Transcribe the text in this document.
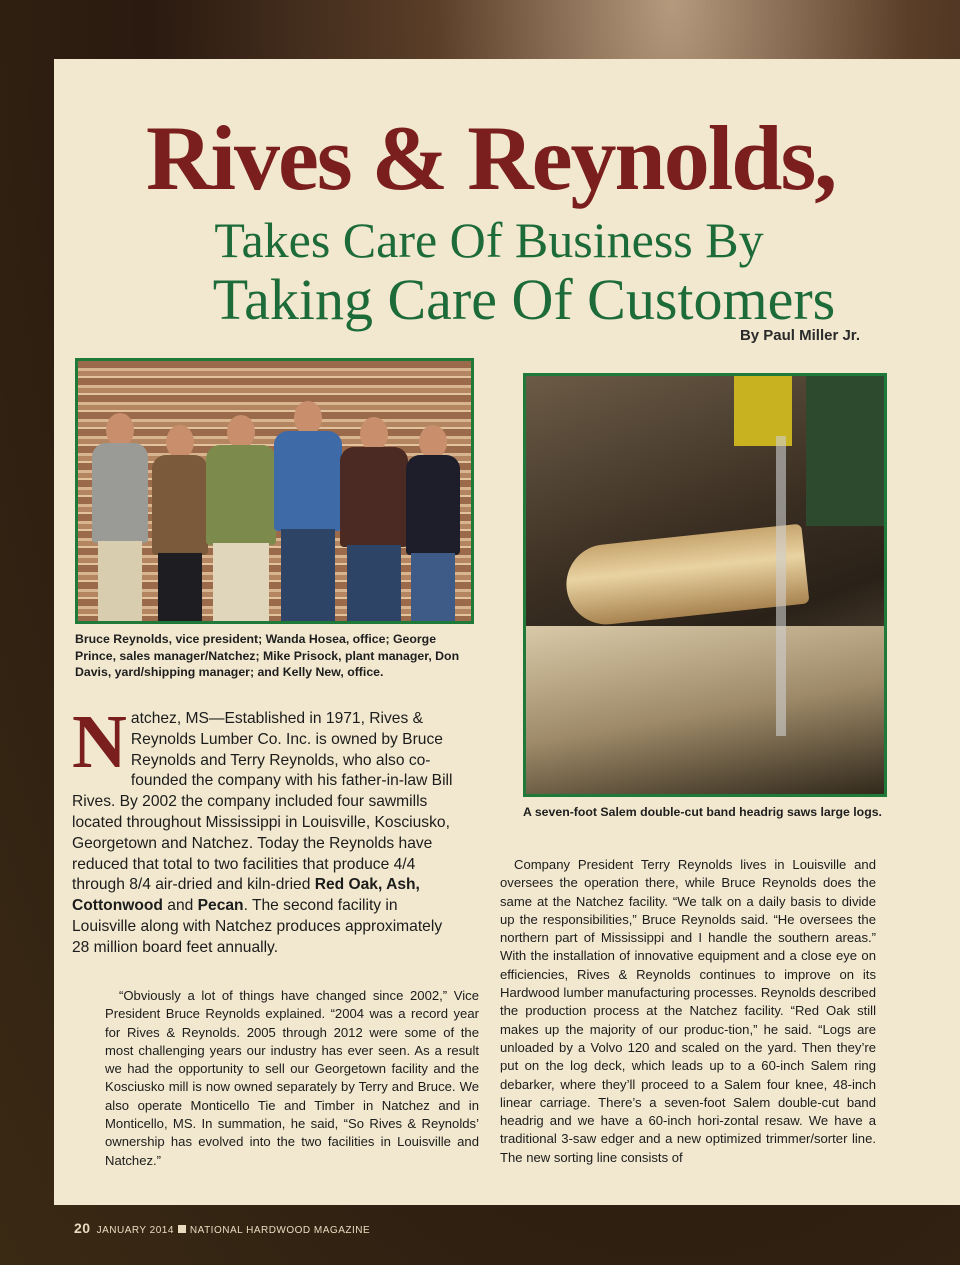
Rives & Reynolds,
Takes Care Of Business By
Taking Care Of Customers
By Paul Miller Jr.
Bruce Reynolds, vice president; Wanda Hosea, office; George Prince, sales manager/Natchez; Mike Prisock, plant manager, Don Davis, yard/shipping manager; and Kelly New, office.
A seven-foot Salem double-cut band headrig saws large logs.
Natchez, MS—Established in 1971, Rives & Reynolds Lumber Co. Inc. is owned by Bruce Reynolds and Terry Reynolds, who also co-founded the company with his father-in-law Bill Rives. By 2002 the company included four sawmills located throughout Mississippi in Louisville, Kosciusko, Georgetown and Natchez. Today the Reynolds have reduced that total to two facilities that produce 4/4 through 8/4 air-dried and kiln-dried Red Oak, Ash, Cottonwood and Pecan. The second facility in Louisville along with Natchez produces approximately 28 million board feet annually.
“Obviously a lot of things have changed since 2002,” Vice President Bruce Reynolds explained. “2004 was a record year for Rives & Reynolds. 2005 through 2012 were some of the most challenging years our industry has ever seen. As a result we had the opportunity to sell our Georgetown facility and the Kosciusko mill is now owned separately by Terry and Bruce. We also operate Monticello Tie and Timber in Natchez and in Monticello, MS. In summation, he said, “So Rives & Reynolds’ ownership has evolved into the two facilities in Louisville and Natchez.”
Company President Terry Reynolds lives in Louisville and oversees the operation there, while Bruce Reynolds does the same at the Natchez facility. “We talk on a daily basis to divide up the responsibilities,” Bruce Reynolds said. “He oversees the northern part of Mississippi and I handle the southern areas.” With the installation of innovative equipment and a close eye on efficiencies, Rives & Reynolds continues to improve on its Hardwood lumber manufacturing processes. Reynolds described the production process at the Natchez facility. “Red Oak still makes up the majority of our produc-tion,” he said. “Logs are unloaded by a Volvo 120 and scaled on the yard. Then they’re put on the log deck, which leads up to a 60-inch Salem ring debarker, where they’ll proceed to a Salem four knee, 48-inch linear carriage. There’s a seven-foot Salem double-cut band headrig and we have a 60-inch hori-zontal resaw. We have a traditional 3-saw edger and a new optimized trimmer/sorter line. The new sorting line consists of
20 JANUARY 2014 NATIONAL HARDWOOD MAGAZINE
